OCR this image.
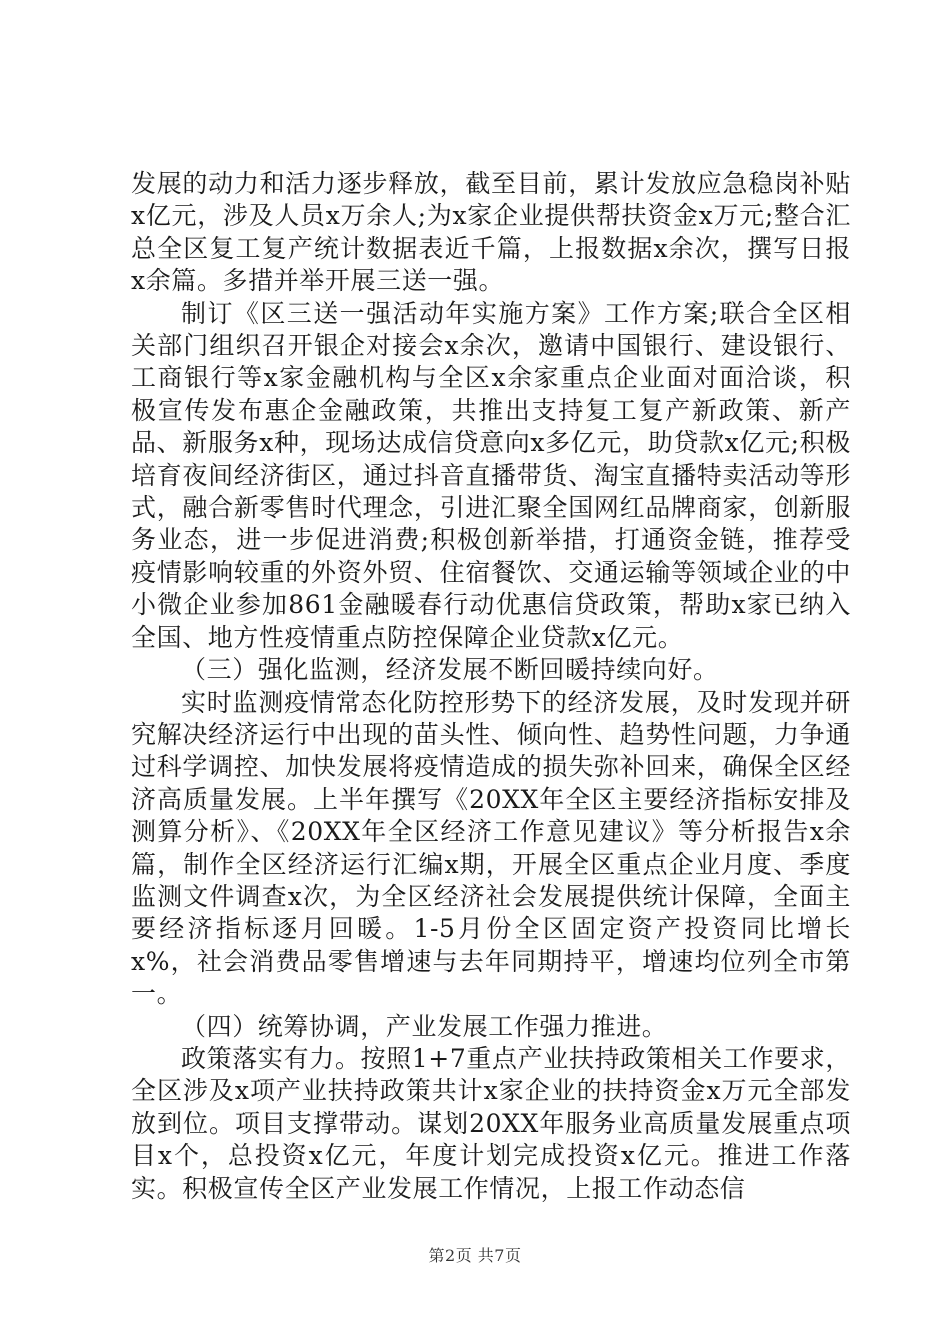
发展的动力和活力逐步释放，截至目前，累计发放应急稳岗补贴x亿元，涉及人员x万余人;为x家企业提供帮扶资金x万元;整合汇总全区复工复产统计数据表近千篇，上报数据x余次，撰写日报x余篇。多措并举开展三送一强。

制订《区三送一强活动年实施方案》工作方案;联合全区相关部门组织召开银企对接会x余次，邀请中国银行、建设银行、工商银行等x家金融机构与全区x余家重点企业面对面洽谈，积极宣传发布惠企金融政策，共推出支持复工复产新政策、新产品、新服务x种，现场达成信贷意向x多亿元，助贷款x亿元;积极培育夜间经济街区，通过抖音直播带货、淘宝直播特卖活动等形式，融合新零售时代理念，引进汇聚全国网红品牌商家，创新服务业态，进一步促进消费;积极创新举措，打通资金链，推荐受疫情影响较重的外资外贸、住宿餐饮、交通运输等领域企业的中小微企业参加861金融暖春行动优惠信贷政策，帮助x家已纳入全国、地方性疫情重点防控保障企业贷款x亿元。

（三）强化监测，经济发展不断回暖持续向好。

实时监测疫情常态化防控形势下的经济发展，及时发现并研究解决经济运行中出现的苗头性、倾向性、趋势性问题，力争通过科学调控、加快发展将疫情造成的损失弥补回来，确保全区经济高质量发展。上半年撰写《20XX年全区主要经济指标安排及测算分析》、《20XX年全区经济工作意见建议》等分析报告x余篇，制作全区经济运行汇编x期，开展全区重点企业月度、季度监测文件调查x次，为全区经济社会发展提供统计保障，全面主要经济指标逐月回暖。1-5月份全区固定资产投资同比增长x%，社会消费品零售增速与去年同期持平，增速均位列全市第一。

（四）统筹协调，产业发展工作强力推进。

政策落实有力。按照1+7重点产业扶持政策相关工作要求，全区涉及x项产业扶持政策共计x家企业的扶持资金x万元全部发放到位。项目支撑带动。谋划20XX年服务业高质量发展重点项目x个，总投资x亿元，年度计划完成投资x亿元。推进工作落实。积极宣传全区产业发展工作情况，上报工作动态信

第2页 共7页
